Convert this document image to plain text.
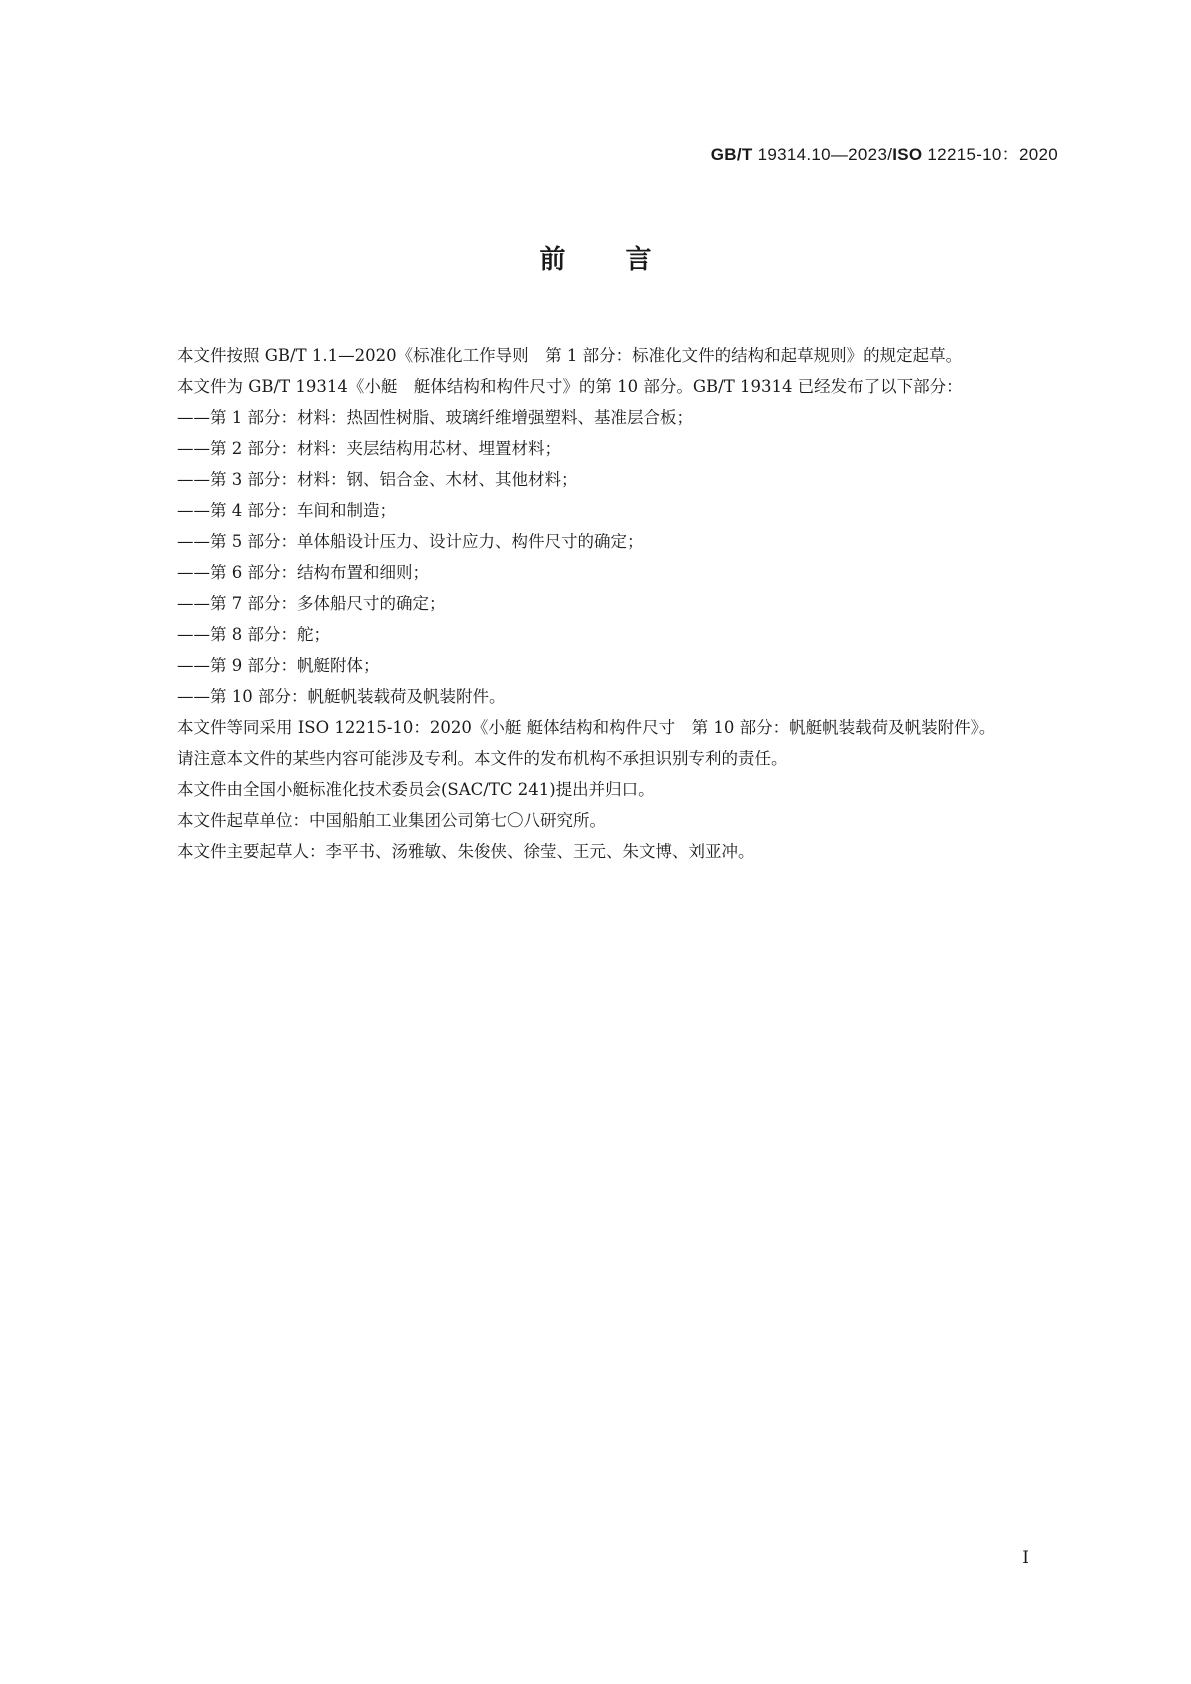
GB/T 19314.10—2023/ISO 12215-10：2020
前言

本文件按照 GB/T 1.1—2020《标准化工作导则　第 1 部分：标准化文件的结构和起草规则》的规定起草。

本文件为 GB/T 19314《小艇　艇体结构和构件尺寸》的第 10 部分。GB/T 19314 已经发布了以下部分：

——第 1 部分：材料：热固性树脂、玻璃纤维增强塑料、基准层合板；

——第 2 部分：材料：夹层结构用芯材、埋置材料；

——第 3 部分：材料：钢、铝合金、木材、其他材料；

——第 4 部分：车间和制造；

——第 5 部分：单体船设计压力、设计应力、构件尺寸的确定；

——第 6 部分：结构布置和细则；

——第 7 部分：多体船尺寸的确定；

——第 8 部分：舵；

——第 9 部分：帆艇附体；

——第 10 部分：帆艇帆装载荷及帆装附件。

本文件等同采用 ISO 12215-10：2020《小艇 艇体结构和构件尺寸　第 10 部分：帆艇帆装载荷及帆装附件》。

请注意本文件的某些内容可能涉及专利。本文件的发布机构不承担识别专利的责任。

本文件由全国小艇标准化技术委员会(SAC/TC 241)提出并归口。

本文件起草单位：中国船舶工业集团公司第七〇八研究所。

本文件主要起草人：李平书、汤雅敏、朱俊侠、徐莹、王元、朱文博、刘亚冲。

I
